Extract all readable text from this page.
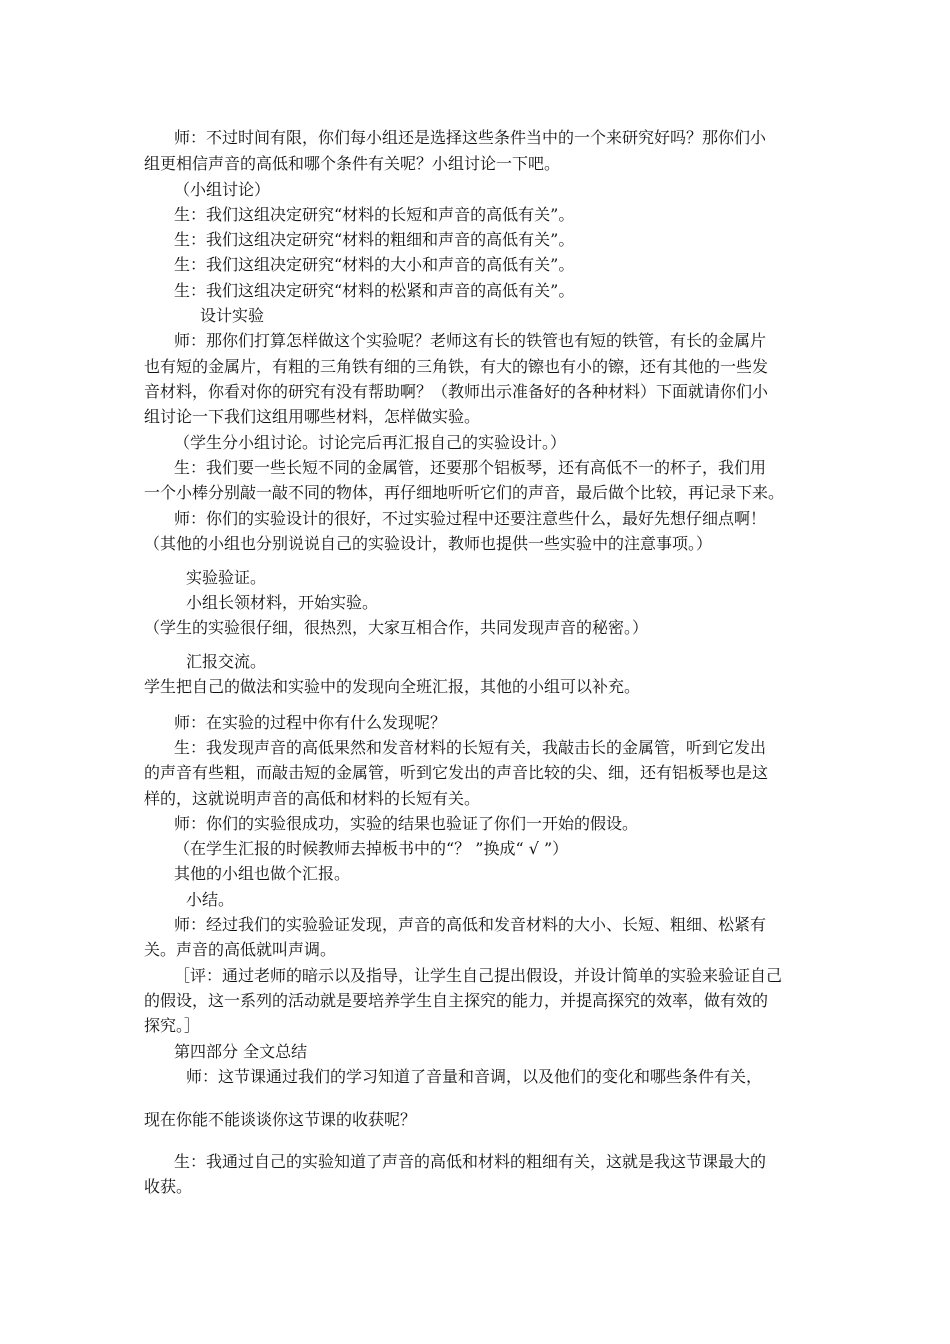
师：不过时间有限，你们每小组还是选择这些条件当中的一个来研究好吗？那你们小
组更相信声音的高低和哪个条件有关呢？小组讨论一下吧。
（小组讨论）
生：我们这组决定研究“材料的长短和声音的高低有关”。
生：我们这组决定研究“材料的粗细和声音的高低有关”。
生：我们这组决定研究“材料的大小和声音的高低有关”。
生：我们这组决定研究“材料的松紧和声音的高低有关”。
设计实验
师：那你们打算怎样做这个实验呢？老师这有长的铁管也有短的铁管，有长的金属片
也有短的金属片，有粗的三角铁有细的三角铁，有大的镲也有小的镲，还有其他的一些发
音材料，你看对你的研究有没有帮助啊？（教师出示准备好的各种材料）下面就请你们小
组讨论一下我们这组用哪些材料，怎样做实验。
（学生分小组讨论。讨论完后再汇报自己的实验设计。）
生：我们要一些长短不同的金属管，还要那个铝板琴，还有高低不一的杯子，我们用
一个小棒分别敲一敲不同的物体，再仔细地听听它们的声音，最后做个比较，再记录下来。
师：你们的实验设计的很好，不过实验过程中还要注意些什么，最好先想仔细点啊！
（其他的小组也分别说说自己的实验设计，教师也提供一些实验中的注意事项。）
实验验证。
小组长领材料，开始实验。
（学生的实验很仔细，很热烈，大家互相合作，共同发现声音的秘密。）
汇报交流。
学生把自己的做法和实验中的发现向全班汇报，其他的小组可以补充。
师：在实验的过程中你有什么发现呢？
生：我发现声音的高低果然和发音材料的长短有关，我敲击长的金属管，听到它发出
的声音有些粗，而敲击短的金属管，听到它发出的声音比较的尖、细，还有铝板琴也是这
样的，这就说明声音的高低和材料的长短有关。
师：你们的实验很成功，实验的结果也验证了你们一开始的假设。
（在学生汇报的时候教师去掉板书中的“？ ”换成“ √ ”）
其他的小组也做个汇报。
小结。
师：经过我们的实验验证发现，声音的高低和发音材料的大小、长短、粗细、松紧有
关。声音的高低就叫声调。
［评：通过老师的暗示以及指导，让学生自己提出假设，并设计简单的实验来验证自己
的假设，这一系列的活动就是要培养学生自主探究的能力，并提高探究的效率，做有效的
探究。］
第四部分 全文总结
师：这节课通过我们的学习知道了音量和音调，以及他们的变化和哪些条件有关，
现在你能不能谈谈你这节课的收获呢？
生：我通过自己的实验知道了声音的高低和材料的粗细有关，这就是我这节课最大的
收获。
